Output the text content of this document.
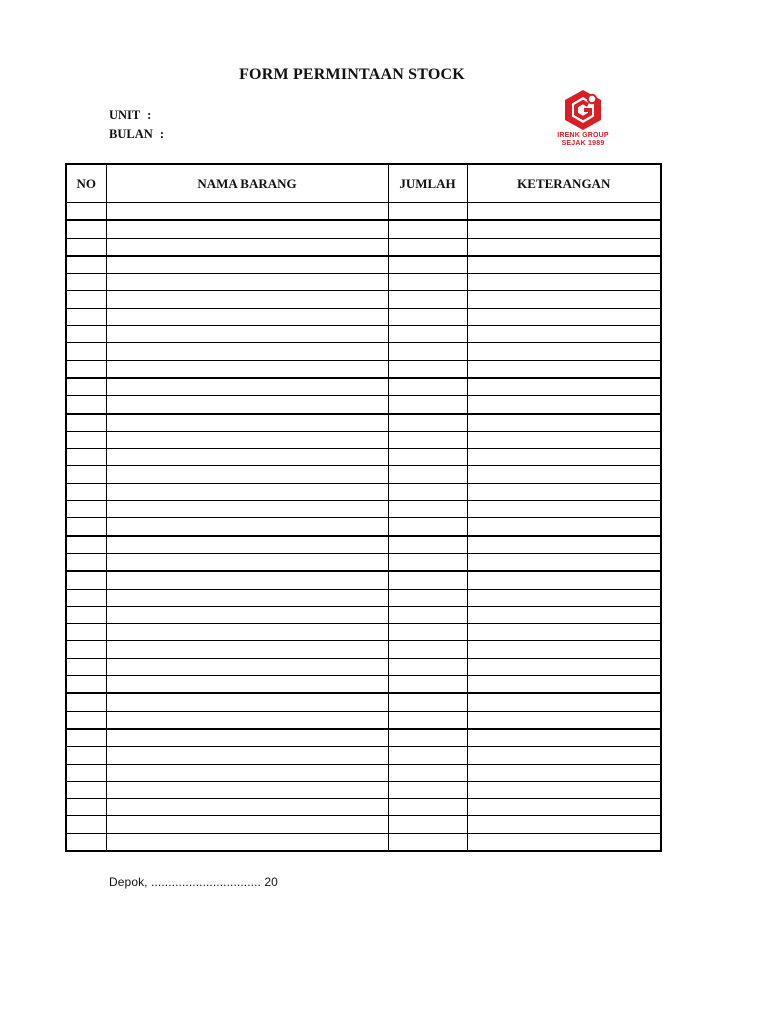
FORM PERMINTAAN STOCK
UNIT :
BULAN :	IRENK GROUP
SEJAK 1989
NO	NAMA BARANG	JUMLAH	KETERANGAN

Depok, ................................ 20
